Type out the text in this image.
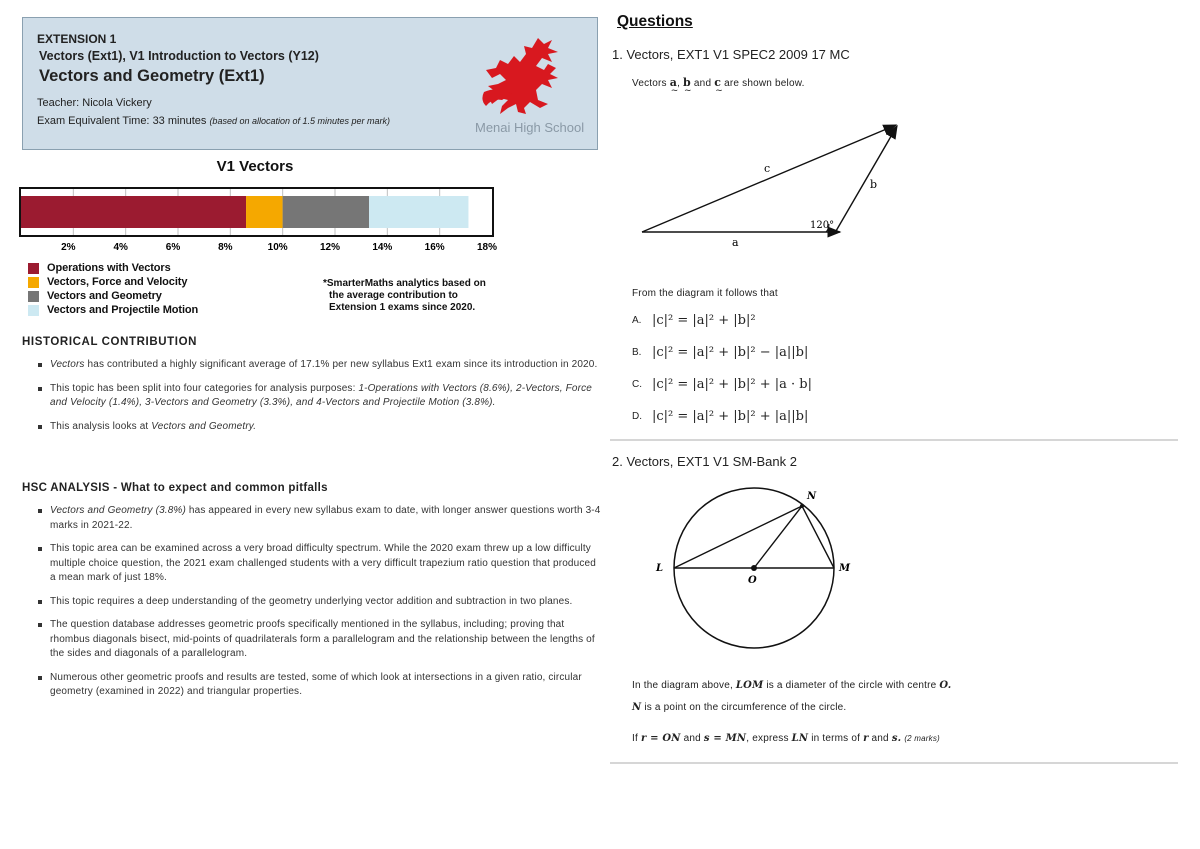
EXTENSION 1
Vectors (Ext1), V1 Introduction to Vectors (Y12)
Vectors and Geometry (Ext1)
Teacher: Nicola Vickery
Exam Equivalent Time: 33 minutes (based on allocation of 1.5 minutes per mark)	Menai High School
V1 Vectors
2%	4%	6%	8%	10%	12%	14%	16%	18%
Operations with Vectors
Vectors, Force and Velocity
Vectors and Geometry
Vectors and Projectile Motion
*SmarterMaths analytics based on
the average contribution to
Extension 1 exams since 2020.
HISTORICAL CONTRIBUTION
Vectors has contributed a highly significant average of 17.1% per new syllabus Ext1 exam since its introduction in 2020.
This topic has been split into four categories for analysis purposes: 1-Operations with Vectors (8.6%), 2-Vectors, Force and Velocity (1.4%), 3-Vectors and Geometry (3.3%), and 4-Vectors and Projectile Motion (3.8%).
This analysis looks at Vectors and Geometry.
HSC ANALYSIS - What to expect and common pitfalls
Vectors and Geometry (3.8%) has appeared in every new syllabus exam to date, with longer answer questions worth 3-4 marks in 2021-22.
This topic area can be examined across a very broad difficulty spectrum. While the 2020 exam threw up a low difficulty multiple choice question, the 2021 exam challenged students with a very difficult trapezium ratio question that produced a mean mark of just 18%.
This topic requires a deep understanding of the geometry underlying vector addition and subtraction in two planes.
The question database addresses geometric proofs specifically mentioned in the syllabus, including; proving that rhombus diagonals bisect, mid-points of quadrilaterals form a parallelogram and the relationship between the lengths of the sides and diagonals of a parallelogram.
Numerous other geometric proofs and results are tested, some of which look at intersections in a given ratio, circular geometry (examined in 2022) and triangular properties.
Questions
1. Vectors, EXT1 V1 SPEC2 2009 17 MC
Vectors a ~, b ~ and c ~ are shown below.
120°
a
b
c
From the diagram it follows that
A. |c|² = |a|² + |b|²
B. |c|² = |a|² + |b|² − |a||b|
C. |c|² = |a|² + |b|² + |a · b|
D. |c|² = |a|² + |b|² + |a||b|
2. Vectors, EXT1 V1 SM-Bank 2
N
L	M
O
In the diagram above, LOM is a diameter of the circle with centre O.
N is a point on the circumference of the circle.
If r = ON and s = MN, express LN in terms of r and s. (2 marks)
